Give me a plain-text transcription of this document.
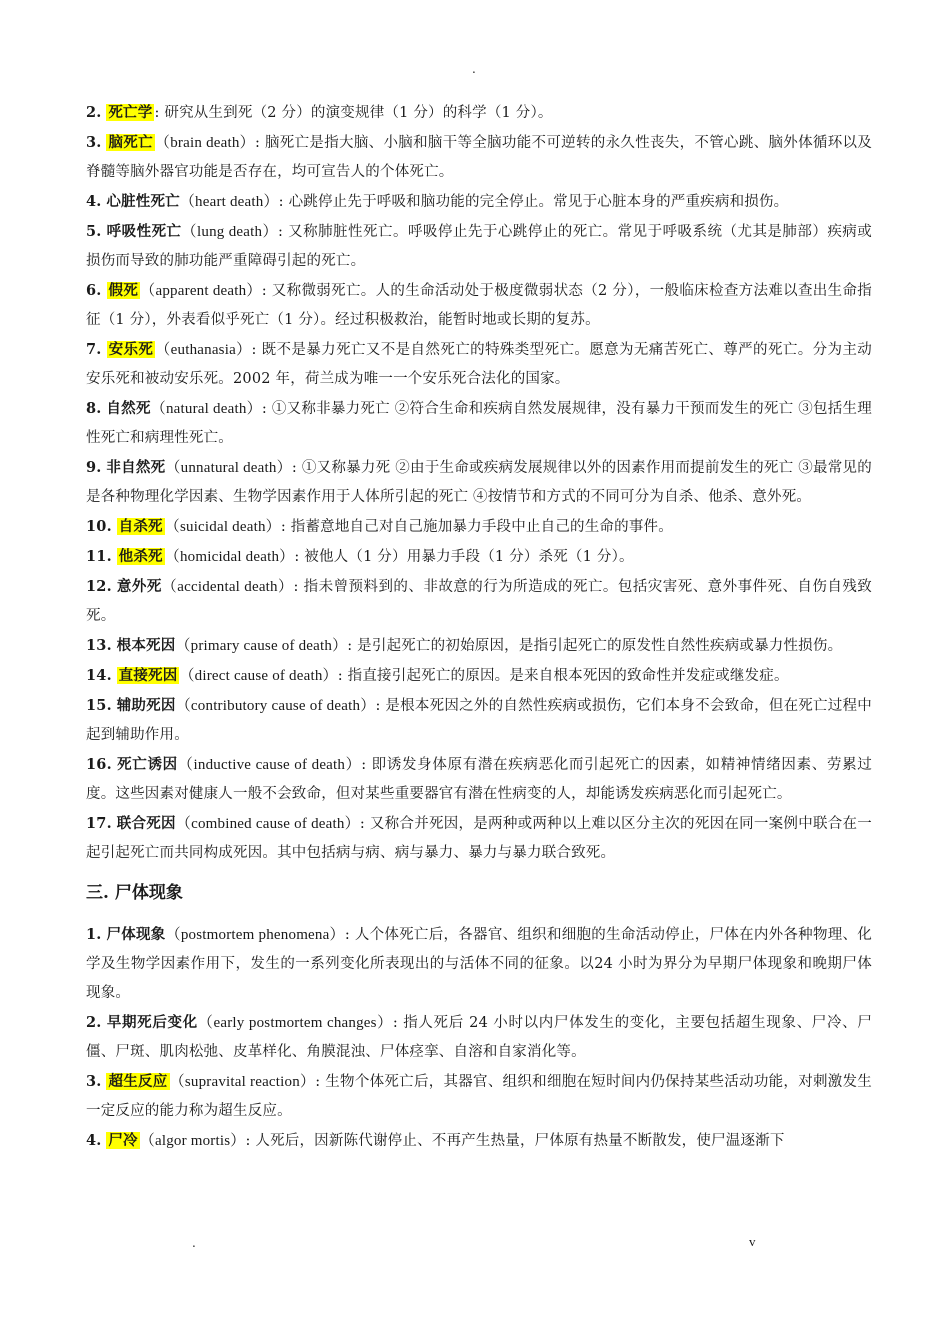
.

2. 死亡学 : 研究从生到死（2 分）的演变规律（1 分）的科学（1 分）。

3. 脑死亡 （brain death）: 脑死亡是指大脑、小脑和脑干等全脑功能不可逆转的永久性丧失，不管心跳、脑外体循环以及脊髓等脑外器官功能是否存在，均可宣告人的个体死亡。

4. 心脏性死亡（heart death）: 心跳停止先于呼吸和脑功能的完全停止。常见于心脏本身的严重疾病和损伤。

5. 呼吸性死亡（lung death）: 又称肺脏性死亡。呼吸停止先于心跳停止的死亡。常见于呼吸系统（尤其是肺部）疾病或损伤而导致的肺功能严重障碍引起的死亡。

6. 假死 （apparent death）: 又称微弱死亡。人的生命活动处于极度微弱状态（2 分），一般临床检查方法难以查出生命指征（1 分），外表看似乎死亡（1 分）。经过积极救治，能暂时地或长期的复苏。

7. 安乐死 （euthanasia）: 既不是暴力死亡又不是自然死亡的特殊类型死亡。愿意为无痛苦死亡、尊严的死亡。分为主动安乐死和被动安乐死。2002 年，荷兰成为唯一一个安乐死合法化的国家。

8. 自然死（natural death）: ①又称非暴力死亡 ②符合生命和疾病自然发展规律，没有暴力干预而发生的死亡 ③包括生理性死亡和病理性死亡。

9. 非自然死（unnatural death）: ①又称暴力死 ②由于生命或疾病发展规律以外的因素作用而提前发生的死亡 ③最常见的是各种物理化学因素、生物学因素作用于人体所引起的死亡 ④按情节和方式的不同可分为自杀、他杀、意外死。

10. 自杀死 （suicidal death）: 指蓄意地自己对自己施加暴力手段中止自己的生命的事件。

11. 他杀死 （homicidal death）: 被他人（1 分）用暴力手段（1 分）杀死（1 分）。

12. 意外死（accidental death）: 指未曾预料到的、非故意的行为所造成的死亡。包括灾害死、意外事件死、自伤自残致死。

13. 根本死因（primary cause of death）: 是引起死亡的初始原因，是指引起死亡的原发性自然性疾病或暴力性损伤。

14. 直接死因 （direct cause of death）: 指直接引起死亡的原因。是来自根本死因的致命性并发症或继发症。

15. 辅助死因（contributory cause of death）: 是根本死因之外的自然性疾病或损伤，它们本身不会致命，但在死亡过程中起到辅助作用。

16. 死亡诱因（inductive cause of death）: 即诱发身体原有潜在疾病恶化而引起死亡的因素，如精神情绪因素、劳累过度。这些因素对健康人一般不会致命，但对某些重要器官有潜在性病变的人，却能诱发疾病恶化而引起死亡。

17. 联合死因（combined cause of death）: 又称合并死因，是两种或两种以上难以区分主次的死因在同一案例中联合在一起引起死亡而共同构成死因。其中包括病与病、病与暴力、暴力与暴力联合致死。

三. 尸体现象

1. 尸体现象（postmortem phenomena）: 人个体死亡后，各器官、组织和细胞的生命活动停止，尸体在内外各种物理、化学及生物学因素作用下，发生的一系列变化所表现出的与活体不同的征象。以24 小时为界分为早期尸体现象和晚期尸体现象。

2. 早期死后变化（early postmortem changes）: 指人死后 24 小时以内尸体发生的变化，主要包括超生现象、尸冷、尸僵、尸斑、肌肉松弛、皮革样化、角膜混浊、尸体痉挛、自溶和自家消化等。

3. 超生反应 （supravital reaction）: 生物个体死亡后，其器官、组织和细胞在短时间内仍保持某些活动功能，对刺激发生一定反应的能力称为超生反应。

4. 尸冷 （algor mortis）: 人死后，因新陈代谢停止、不再产生热量，尸体原有热量不断散发，使尸温逐渐下

.	v
